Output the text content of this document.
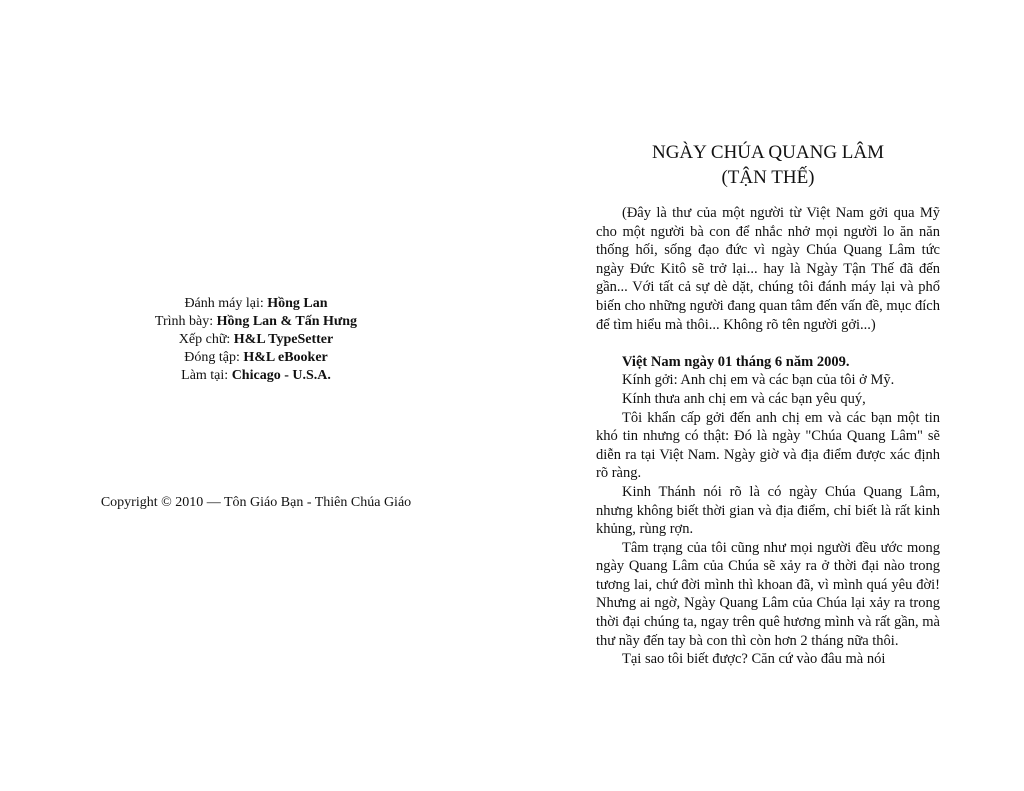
Đánh máy lại: Hồng Lan
Trình bày: Hồng Lan & Tấn Hưng
Xếp chữ: H&L TypeSetter
Đóng tập: H&L eBooker
Làm tại: Chicago - U.S.A.
Copyright © 2010 — Tôn Giáo Bạn - Thiên Chúa Giáo
NGÀY CHÚA QUANG LÂM
(TẬN THẾ)

(Đây là thư của một người từ Việt Nam gởi qua Mỹ cho một người bà con để nhắc nhở mọi người lo ăn năn thống hối, sống đạo đức vì ngày Chúa Quang Lâm tức ngày Đức Kitô sẽ trở lại... hay là Ngày Tận Thế đã đến gần... Với tất cả sự dè dặt, chúng tôi đánh máy lại và phổ biến cho những người đang quan tâm đến vấn đề, mục đích để tìm hiểu mà thôi... Không rõ tên người gởi...)

Việt Nam ngày 01 tháng 6 năm 2009.

Kính gởi: Anh chị em và các bạn của tôi ở Mỹ.

Kính thưa anh chị em và các bạn yêu quý,

Tôi khẩn cấp gởi đến anh chị em và các bạn một tin khó tin nhưng có thật: Đó là ngày "Chúa Quang Lâm" sẽ diễn ra tại Việt Nam. Ngày giờ và địa điểm được xác định rõ ràng.

Kinh Thánh nói rõ là có ngày Chúa Quang Lâm, nhưng không biết thời gian và địa điểm, chỉ biết là rất kinh khủng, rùng rợn.

Tâm trạng của tôi cũng như mọi người đều ước mong ngày Quang Lâm của Chúa sẽ xảy ra ở thời đại nào trong tương lai, chứ đời mình thì khoan đã, vì mình quá yêu đời! Nhưng ai ngờ, Ngày Quang Lâm của Chúa lại xảy ra trong thời đại chúng ta, ngay trên quê hương mình và rất gần, mà thư nầy đến tay bà con thì còn hơn 2 tháng nữa thôi.

Tại sao tôi biết được? Căn cứ vào đâu mà nói
